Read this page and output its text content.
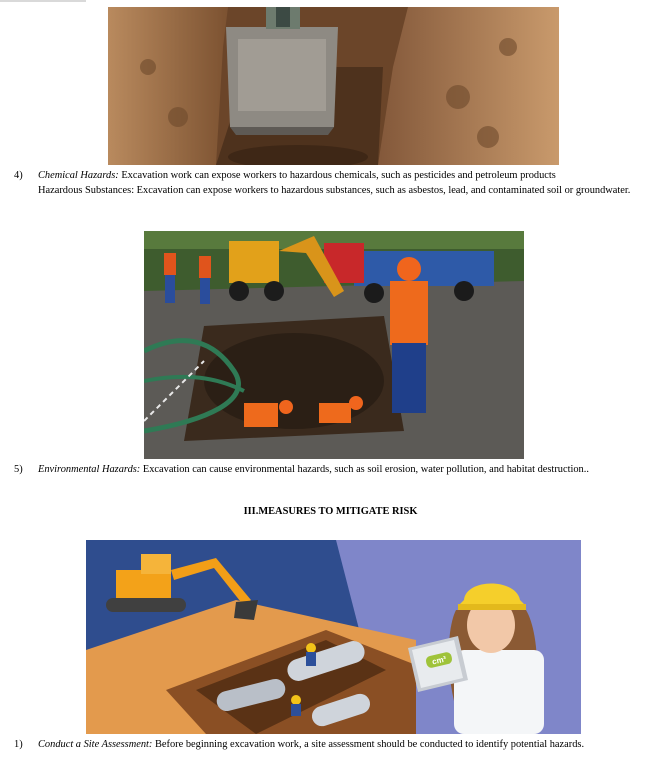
4) Chemical Hazards: Excavation work can expose workers to hazardous chemicals, such as pesticides and petroleum products
Hazardous Substances: Excavation can expose workers to hazardous substances, such as asbestos, lead, and contaminated soil or groundwater.
5) Environmental Hazards: Excavation can cause environmental hazards, such as soil erosion, water pollution, and habitat destruction..
III.MEASURES TO MITIGATE RISK
cm³
1) Conduct a Site Assessment: Before beginning excavation work, a site assessment should be conducted to identify potential hazards.
